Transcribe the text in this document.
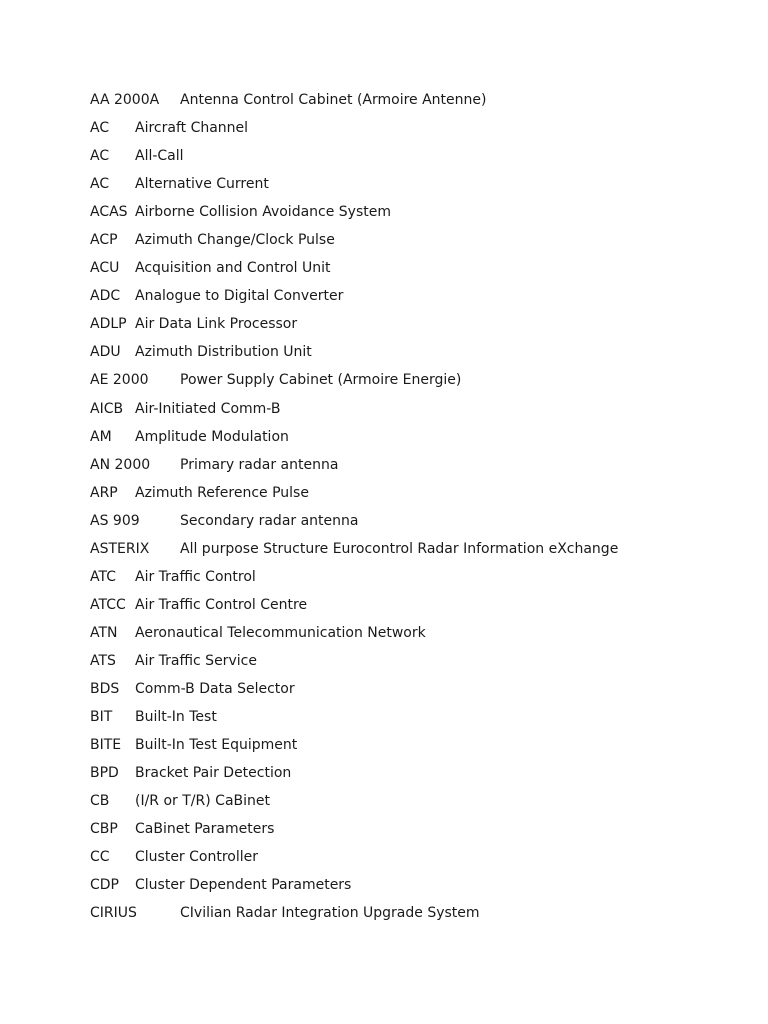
AA 2000A	Antenna Control Cabinet (Armoire Antenne)
AC	Aircraft Channel
AC	All-Call
AC	Alternative Current
ACAS Airborne Collision Avoidance System
ACP	Azimuth Change/Clock Pulse
ACU	Acquisition and Control Unit
ADC	Analogue to Digital Converter
ADLP Air Data Link Processor
ADU	Azimuth Distribution Unit
AE 2000	Power Supply Cabinet (Armoire Energie)
AICB Air-Initiated Comm-B
AM	Amplitude Modulation
AN 2000	Primary radar antenna
ARP	Azimuth Reference Pulse
AS 909	Secondary radar antenna
ASTERIX	All purpose Structure Eurocontrol Radar Information eXchange
ATC	Air Traffic Control
ATCC Air Traffic Control Centre
ATN	Aeronautical Telecommunication Network
ATS	Air Traffic Service
BDS	Comm-B Data Selector
BIT	Built-In Test
BITE Built-In Test Equipment
BPD	Bracket Pair Detection
CB	(I/R or T/R) CaBinet
CBP	CaBinet Parameters
CC	Cluster Controller
CDP	Cluster Dependent Parameters
CIRIUS	CIvilian Radar Integration Upgrade System
